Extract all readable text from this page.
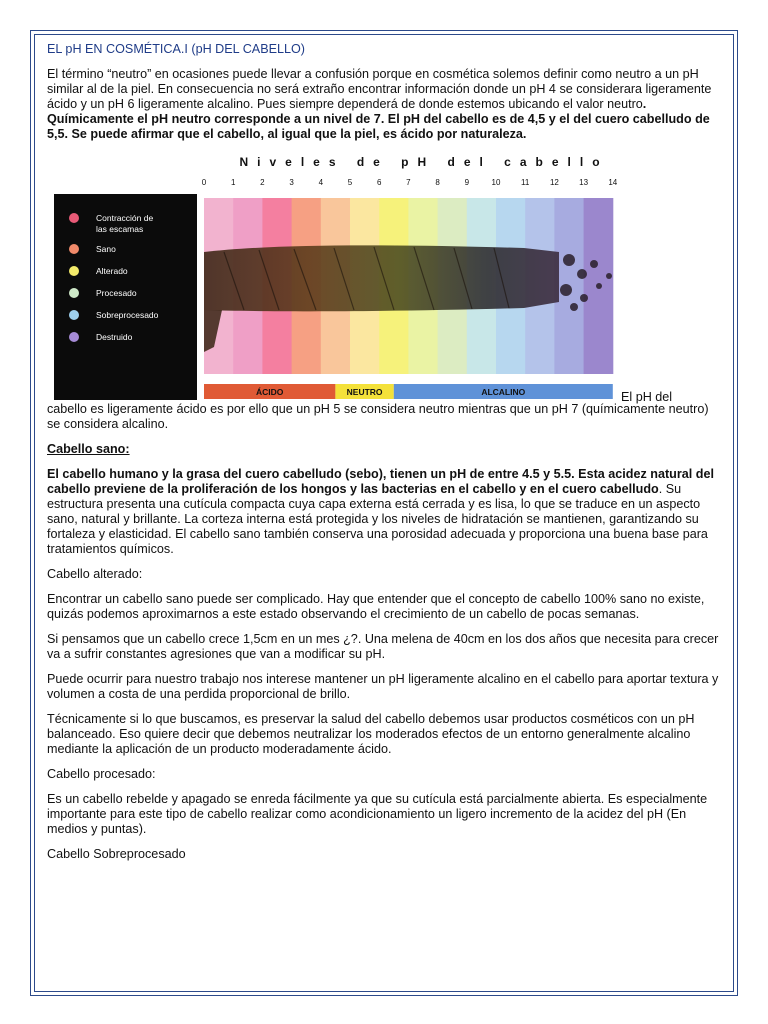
EL pH EN COSMÉTICA.I (pH DEL CABELLO)

El término “neutro” en ocasiones puede llevar a confusión porque en cosmética solemos definir como neutro a un pH similar al de la piel. En consecuencia no será extraño encontrar información donde un pH 4 se considerara ligeramente ácido y un pH 6 ligeramente alcalino. Pues siempre dependerá de donde estemos ubicando el valor neutro. Químicamente el pH neutro corresponde a un nivel de 7. El pH del cabello es de 4,5 y el del cuero cabelludo de 5,5. Se puede afirmar que el cabello, al igual que la piel, es ácido por naturaleza.

Niveles de pH del cabello
0	1	2	3	4	5	6	7	8	9	10	11	12	13	14
Contracción de
las escamas
Sano
Alterado
Procesado
Sobreprocesado
Destruido
ÁCIDO	NEUTRO	ALCALINO	El pH del

cabello es ligeramente ácido es por ello que un pH 5 se considera neutro mientras que un pH 7 (químicamente neutro) se considera alcalino.

Cabello sano:

El cabello humano y la grasa del cuero cabelludo (sebo), tienen un pH de entre 4.5 y 5.5. Esta acidez natural del cabello previene de la proliferación de los hongos y las bacterias en el cabello y en el cuero cabelludo. Su estructura presenta una cutícula compacta cuya capa externa está cerrada y es lisa, lo que se traduce en un aspecto sano, natural y brillante. La corteza interna está protegida y los niveles de hidratación se mantienen, garantizando su fortaleza y elasticidad. El cabello sano también conserva una porosidad adecuada y proporciona una buena base para tratamientos químicos.

Cabello alterado:

Encontrar un cabello sano puede ser complicado. Hay que entender que el concepto de cabello 100% sano no existe, quizás podemos aproximarnos a este estado observando el crecimiento de un cabello de pocas semanas.

Si pensamos que un cabello crece 1,5cm en un mes ¿?. Una melena de 40cm en los dos años que necesita para crecer va a sufrir constantes agresiones que van a modificar su pH.

Puede ocurrir para nuestro trabajo nos interese mantener un pH ligeramente alcalino en el cabello para aportar textura y volumen a costa de una perdida proporcional de brillo.

Técnicamente si lo que buscamos, es preservar la salud del cabello debemos usar productos cosméticos con un pH balanceado. Eso quiere decir que debemos neutralizar los moderados efectos de un entorno generalmente alcalino mediante la aplicación de un producto moderadamente ácido.

Cabello procesado:

Es un cabello rebelde y apagado se enreda fácilmente ya que su cutícula está parcialmente abierta. Es especialmente importante para este tipo de cabello realizar como acondicionamiento un ligero incremento de la acidez del pH (En medios y puntas).

Cabello Sobreprocesado
